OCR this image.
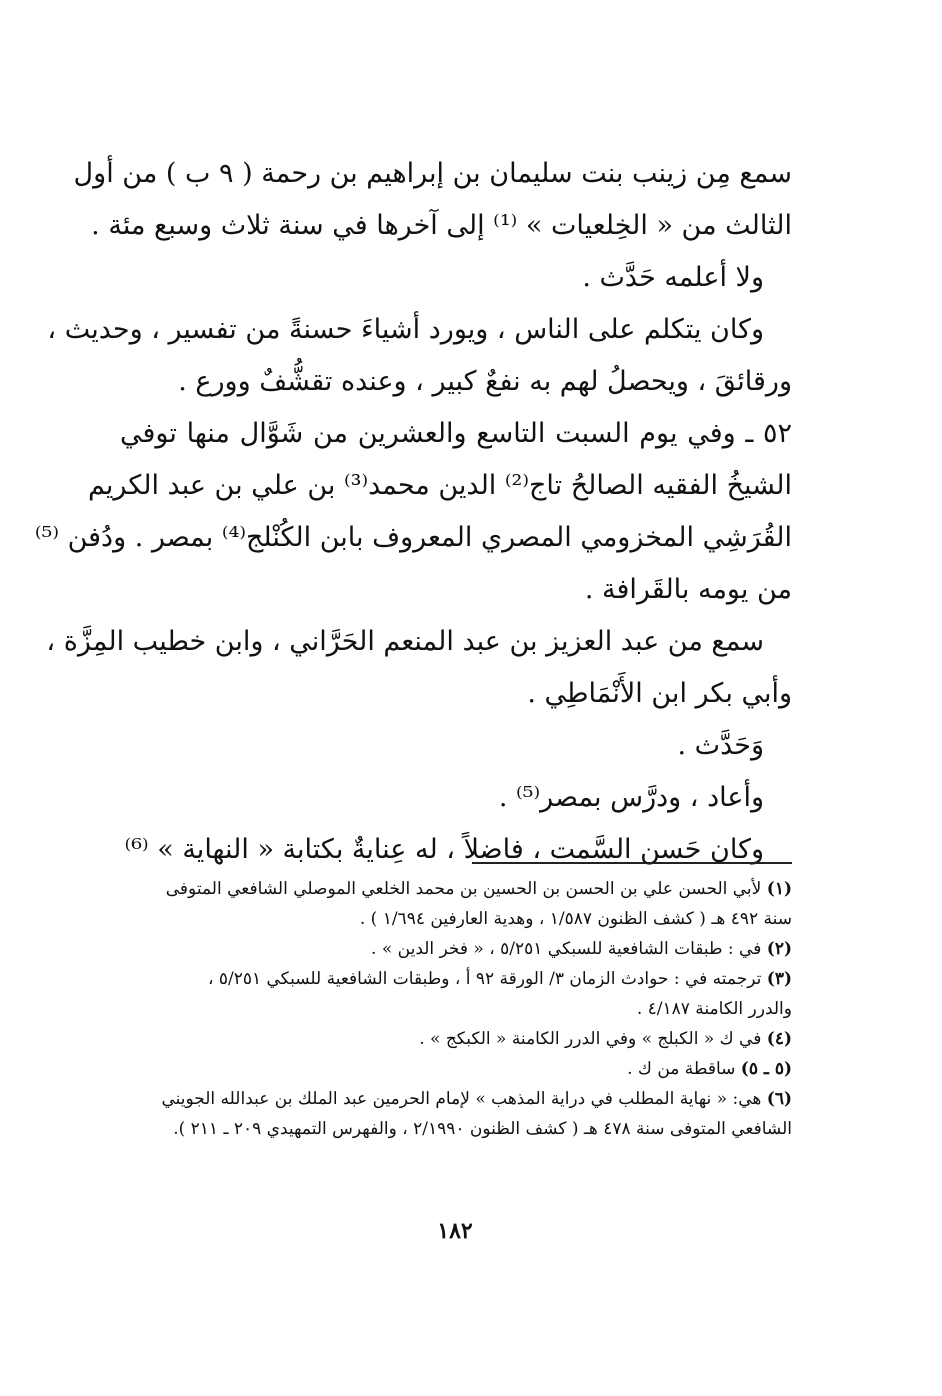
سمع مِن زينب بنت سليمان بن إبراهيم بن رحمة ( ٩ ب ) من أول
الثالث من « الخِلعيات » ⁽¹⁾ إلى آخرها في سنة ثلاث وسبع مئة .
ولا أعلمه حَدَّث .
وكان يتكلم على الناس ، ويورد أشياءَ حسنةً من تفسير ، وحديث ،
ورقائقَ ، ويحصلُ لهم به نفعٌ كبير ، وعنده تقشُّفٌ وورع .
٥٢ ـ وفي يوم السبت التاسع والعشرين من شَوَّال منها توفي
الشيخُ الفقيه الصالحُ تاج⁽²⁾ الدين محمد⁽³⁾ بن علي بن عبد الكريم
القُرَشِي المخزومي المصري المعروف بابن الكُنْلج⁽⁴⁾ بمصر . ودُفن ⁽⁵⁾
من يومه بالقَرافة .
سمع من عبد العزيز بن عبد المنعم الحَرَّاني ، وابن خطيب المِزَّة ،
وأبي بكر ابن الأَنْمَاطِي .
وَحَدَّث .
وأعاد ، ودرَّس بمصر⁽⁵⁾ .
وكان حَسن السَّمت ، فاضلاً ، له عِنايةٌ بكتابة « النهاية » ⁽⁶⁾
(١) لأبي الحسن علي بن الحسن بن الحسين بن محمد الخلعي الموصلي الشافعي المتوفى
سنة ٤٩٢ هـ ( كشف الظنون ١/٥٨٧ ، وهدية العارفين ١/٦٩٤ ) .
(٢) في : طبقات الشافعية للسبكي ٥/٢٥١ ، « فخر الدين » .
(٣) ترجمته في : حوادث الزمان ٣/ الورقة ٩٢ أ ، وطبقات الشافعية للسبكي ٥/٢٥١ ،
والدرر الكامنة ٤/١٨٧ .
(٤) في ك « الكبلج » وفي الدرر الكامنة « الكبكج » .
(٥ ـ ٥) ساقطة من ك .
(٦) هي: « نهاية المطلب في دراية المذهب » لإمام الحرمين عبد الملك بن عبدالله الجويني
الشافعي المتوفى سنة ٤٧٨ هـ ( كشف الظنون ٢/١٩٩٠ ، والفهرس التمهيدي ٢٠٩ ـ ٢١١ ).
١٨٢
